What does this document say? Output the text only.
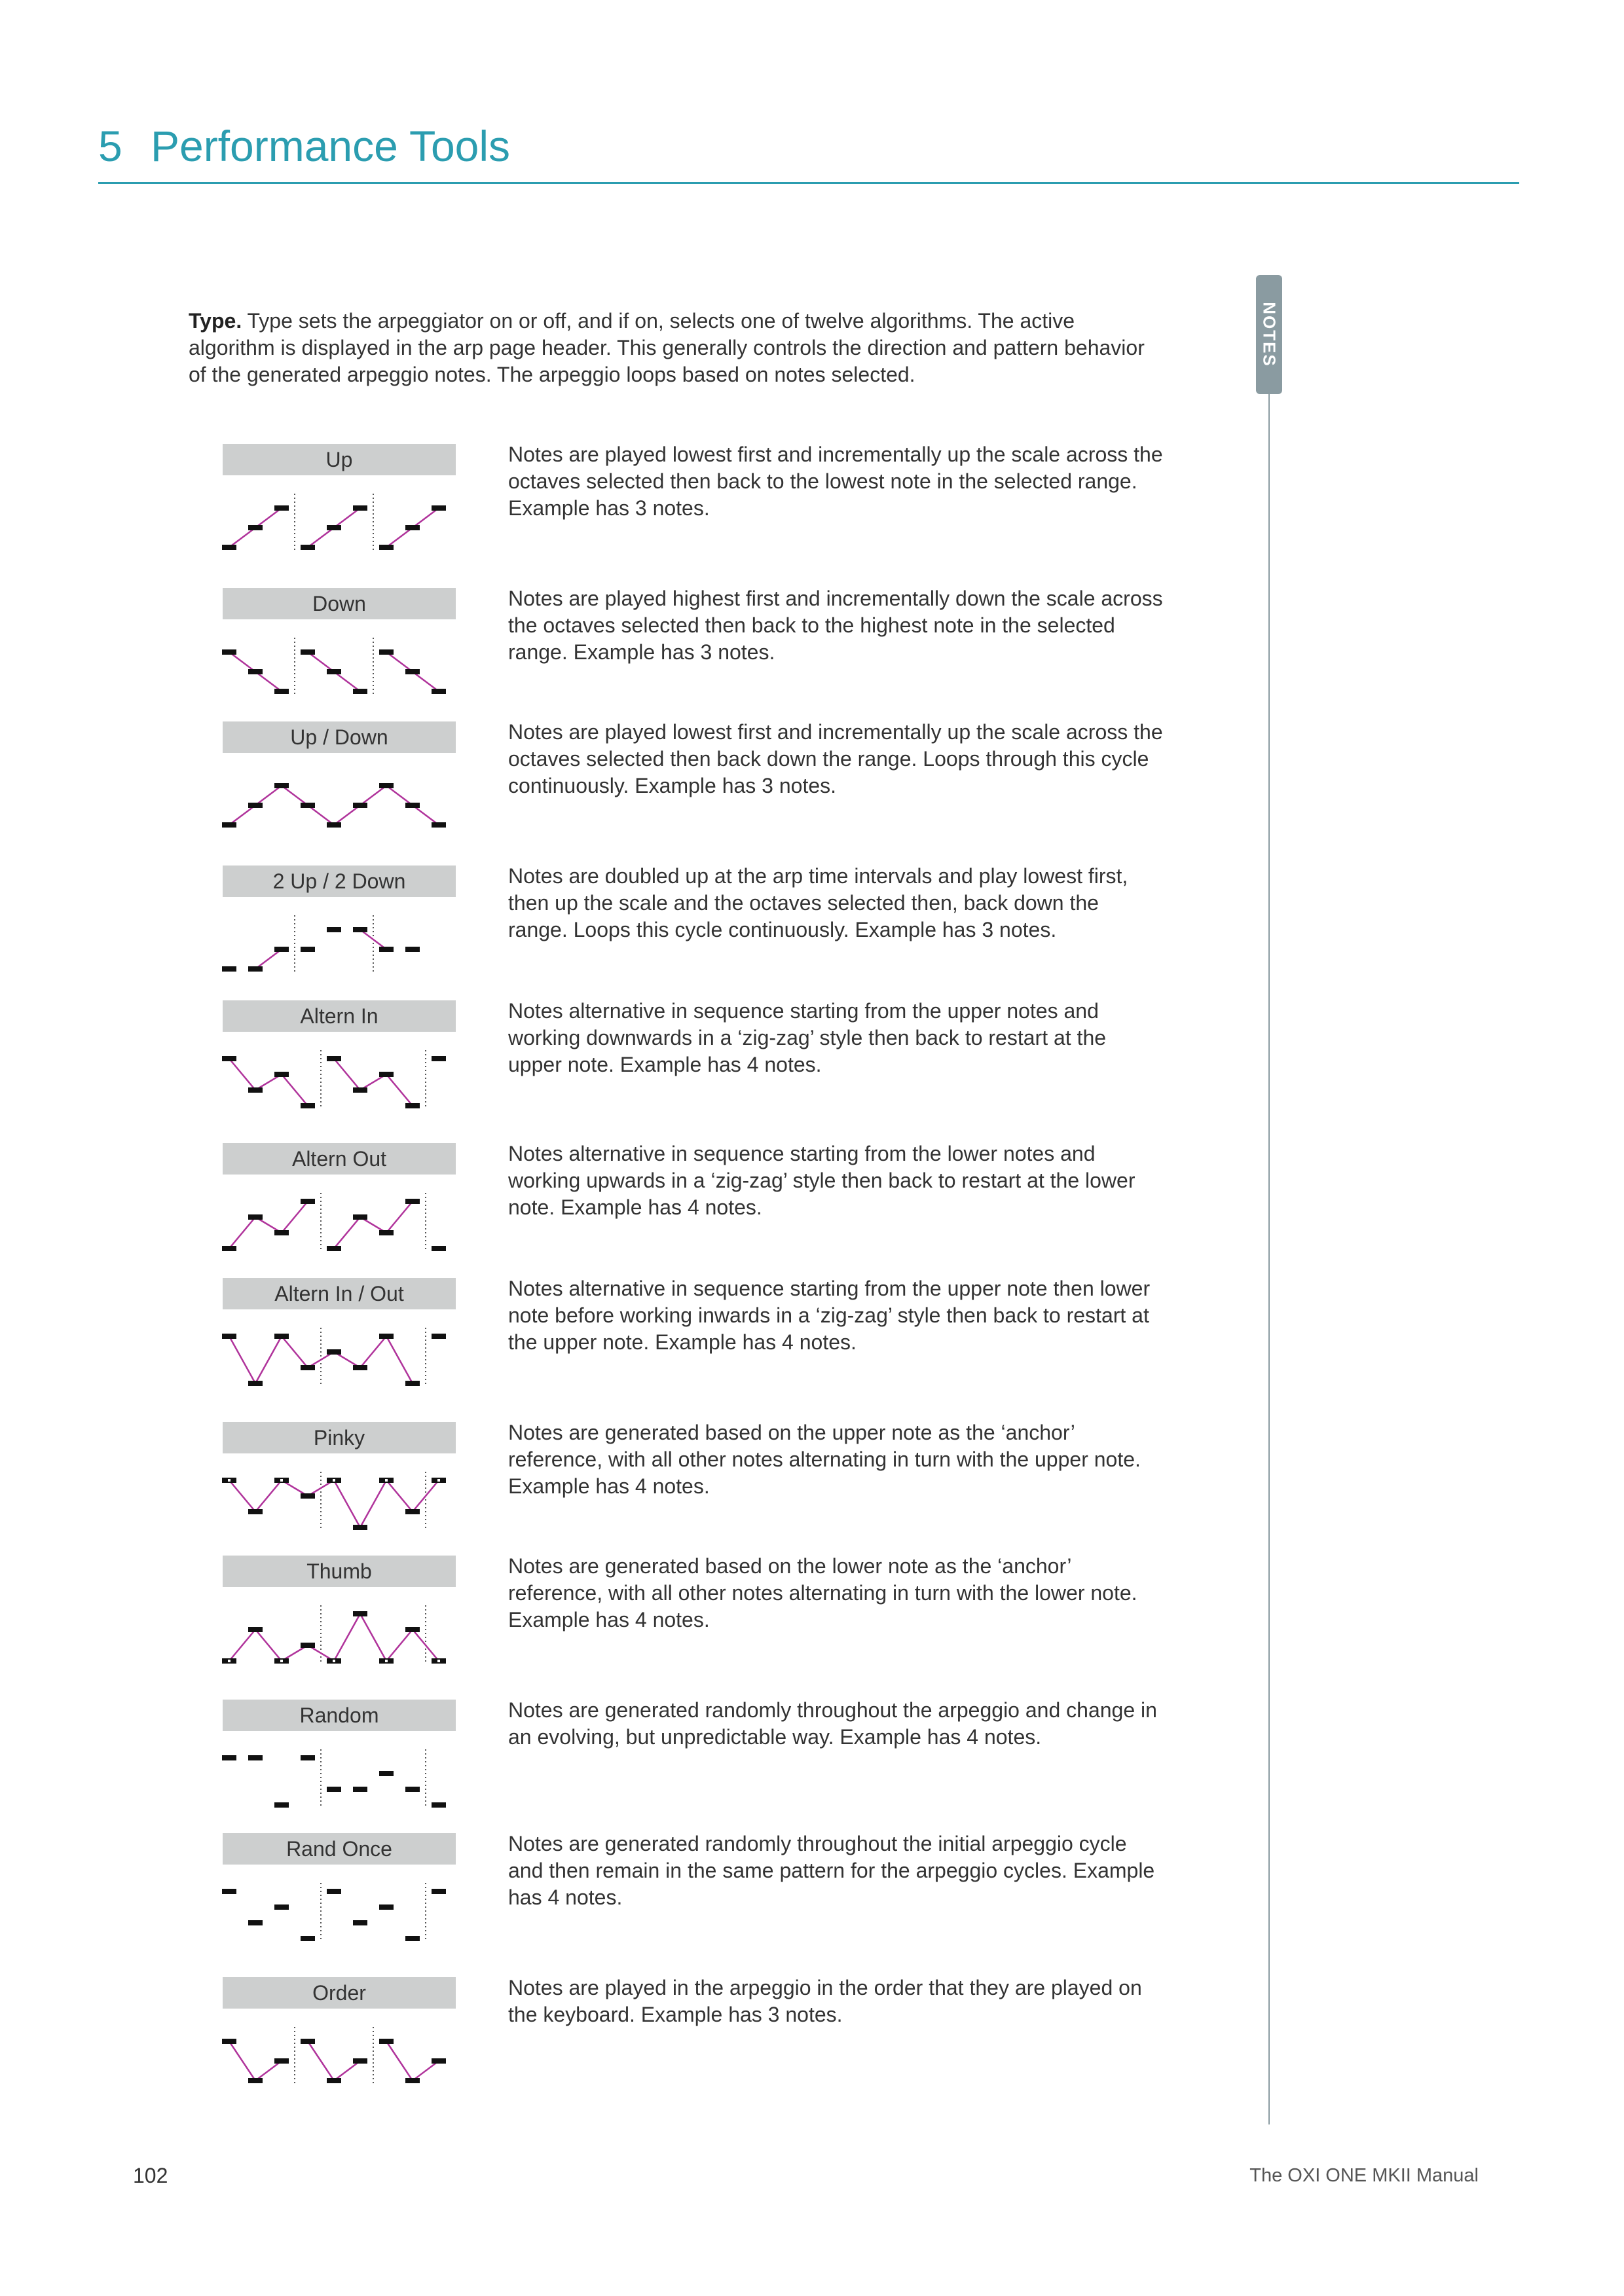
5 Performance Tools
NOTES

Type. Type sets the arpeggiator on or off, and if on, selects one of twelve algorithms. The active algorithm is displayed in the arp page header. This generally controls the direction and pattern behavior of the generated arpeggio notes. The arpeggio loops based on notes selected.

Up	Notes are played lowest first and incrementally up the scale across the octaves selected then back to the lowest note in the selected range. Example has 3 notes.
Down	Notes are played highest first and incrementally down the scale across the octaves selected then back to the highest note in the selected range. Example has 3 notes.
Up / Down	Notes are played lowest first and incrementally up the scale across the octaves selected then back down the range. Loops through this cycle continuously. Example has 3 notes.
2 Up / 2 Down	Notes are doubled up at the arp time intervals and play lowest first, then up the scale and the octaves selected then, back down the range. Loops this cycle continuously. Example has 3 notes.
Altern In	Notes alternative in sequence starting from the upper notes and working downwards in a ‘zig-zag’ style then back to restart at the upper note. Example has 4 notes.
Altern Out	Notes alternative in sequence starting from the lower notes and working upwards in a ‘zig-zag’ style then back to restart at the lower note. Example has 4 notes.
Altern In / Out	Notes alternative in sequence starting from the upper note then lower note before working inwards in a ‘zig-zag’ style then back to restart at the upper note. Example has 4 notes.
Pinky	Notes are generated based on the upper note as the ‘anchor’ reference, with all other notes alternating in turn with the upper note. Example has 4 notes.
Thumb	Notes are generated based on the lower note as the ‘anchor’ reference, with all other notes alternating in turn with the lower note. Example has 4 notes.
Random	Notes are generated randomly throughout the arpeggio and change in an evolving, but unpredictable way. Example has 4 notes.
Rand Once	Notes are generated randomly throughout the initial arpeggio cycle and then remain in the same pattern for the arpeggio cycles. Example has 4 notes.
Order	Notes are played in the arpeggio in the order that they are played on the keyboard. Example has 3 notes.
102	The OXI ONE MKII Manual
